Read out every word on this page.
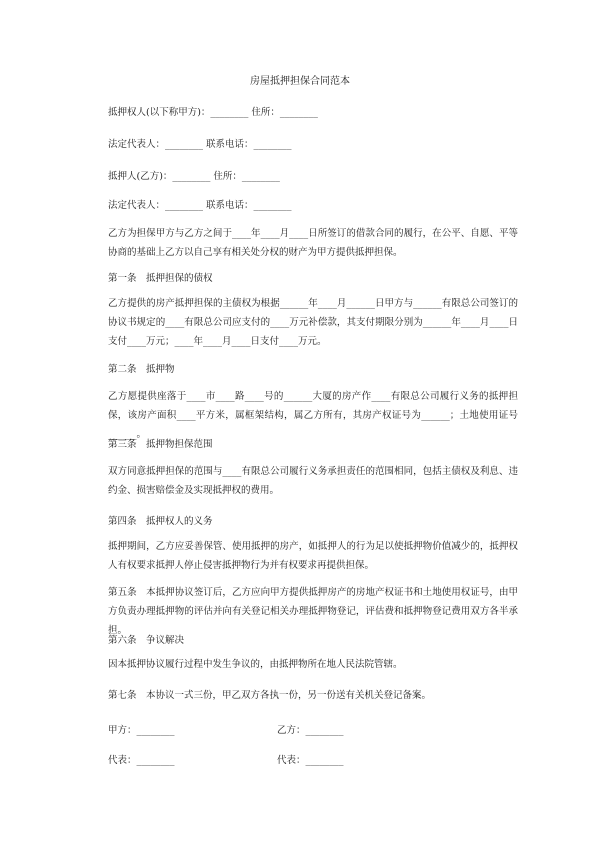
房屋抵押担保合同范本
抵押权人(以下称甲方)：________ 住所：________
法定代表人：________ 联系电话：________
抵押人(乙方)：________ 住所：________
法定代表人：________ 联系电话：________
乙方为担保甲方与乙方之间于____年____月____日所签订的借款合同的履行，在公平、自愿、平等协商的基础上乙方以自己享有相关处分权的财产为甲方提供抵押担保。
第一条　抵押担保的债权
乙方提供的房产抵押担保的主债权为根据______年____月______日甲方与______有限总公司签订的协议书规定的____有限总公司应支付的____万元补偿款，其支付期限分别为______年____月____日支付____万元；____年____月____日支付____万元。
第二条　抵押物
乙方愿提供座落于____市____路____号的______大厦的房产作____有限总公司履行义务的抵押担保，该房产面积____平方米，属框架结构，属乙方所有，其房产权证号为______；土地使用证号______。
第三条　抵押物担保范围
双方同意抵押担保的范围与____有限总公司履行义务承担责任的范围相同，包括主债权及利息、违约金、损害赔偿金及实现抵押权的费用。
第四条　抵押权人的义务
抵押期间，乙方应妥善保管、使用抵押的房产，如抵押人的行为足以使抵押物价值减少的，抵押权人有权要求抵押人停止侵害抵押物行为并有权要求再提供担保。
第五条　本抵押协议签订后，乙方应向甲方提供抵押房产的房地产权证书和土地使用权证号，由甲方负责办理抵押物的评估并向有关登记相关办理抵押物登记，评估费和抵押物登记费用双方各半承担。
第六条　争议解决
因本抵押协议履行过程中发生争议的，由抵押物所在地人民法院管辖。
第七条　本协议一式三份，甲乙双方各执一份，另一份送有关机关登记备案。
甲方：________	乙方：________
代表：________	代表：________
